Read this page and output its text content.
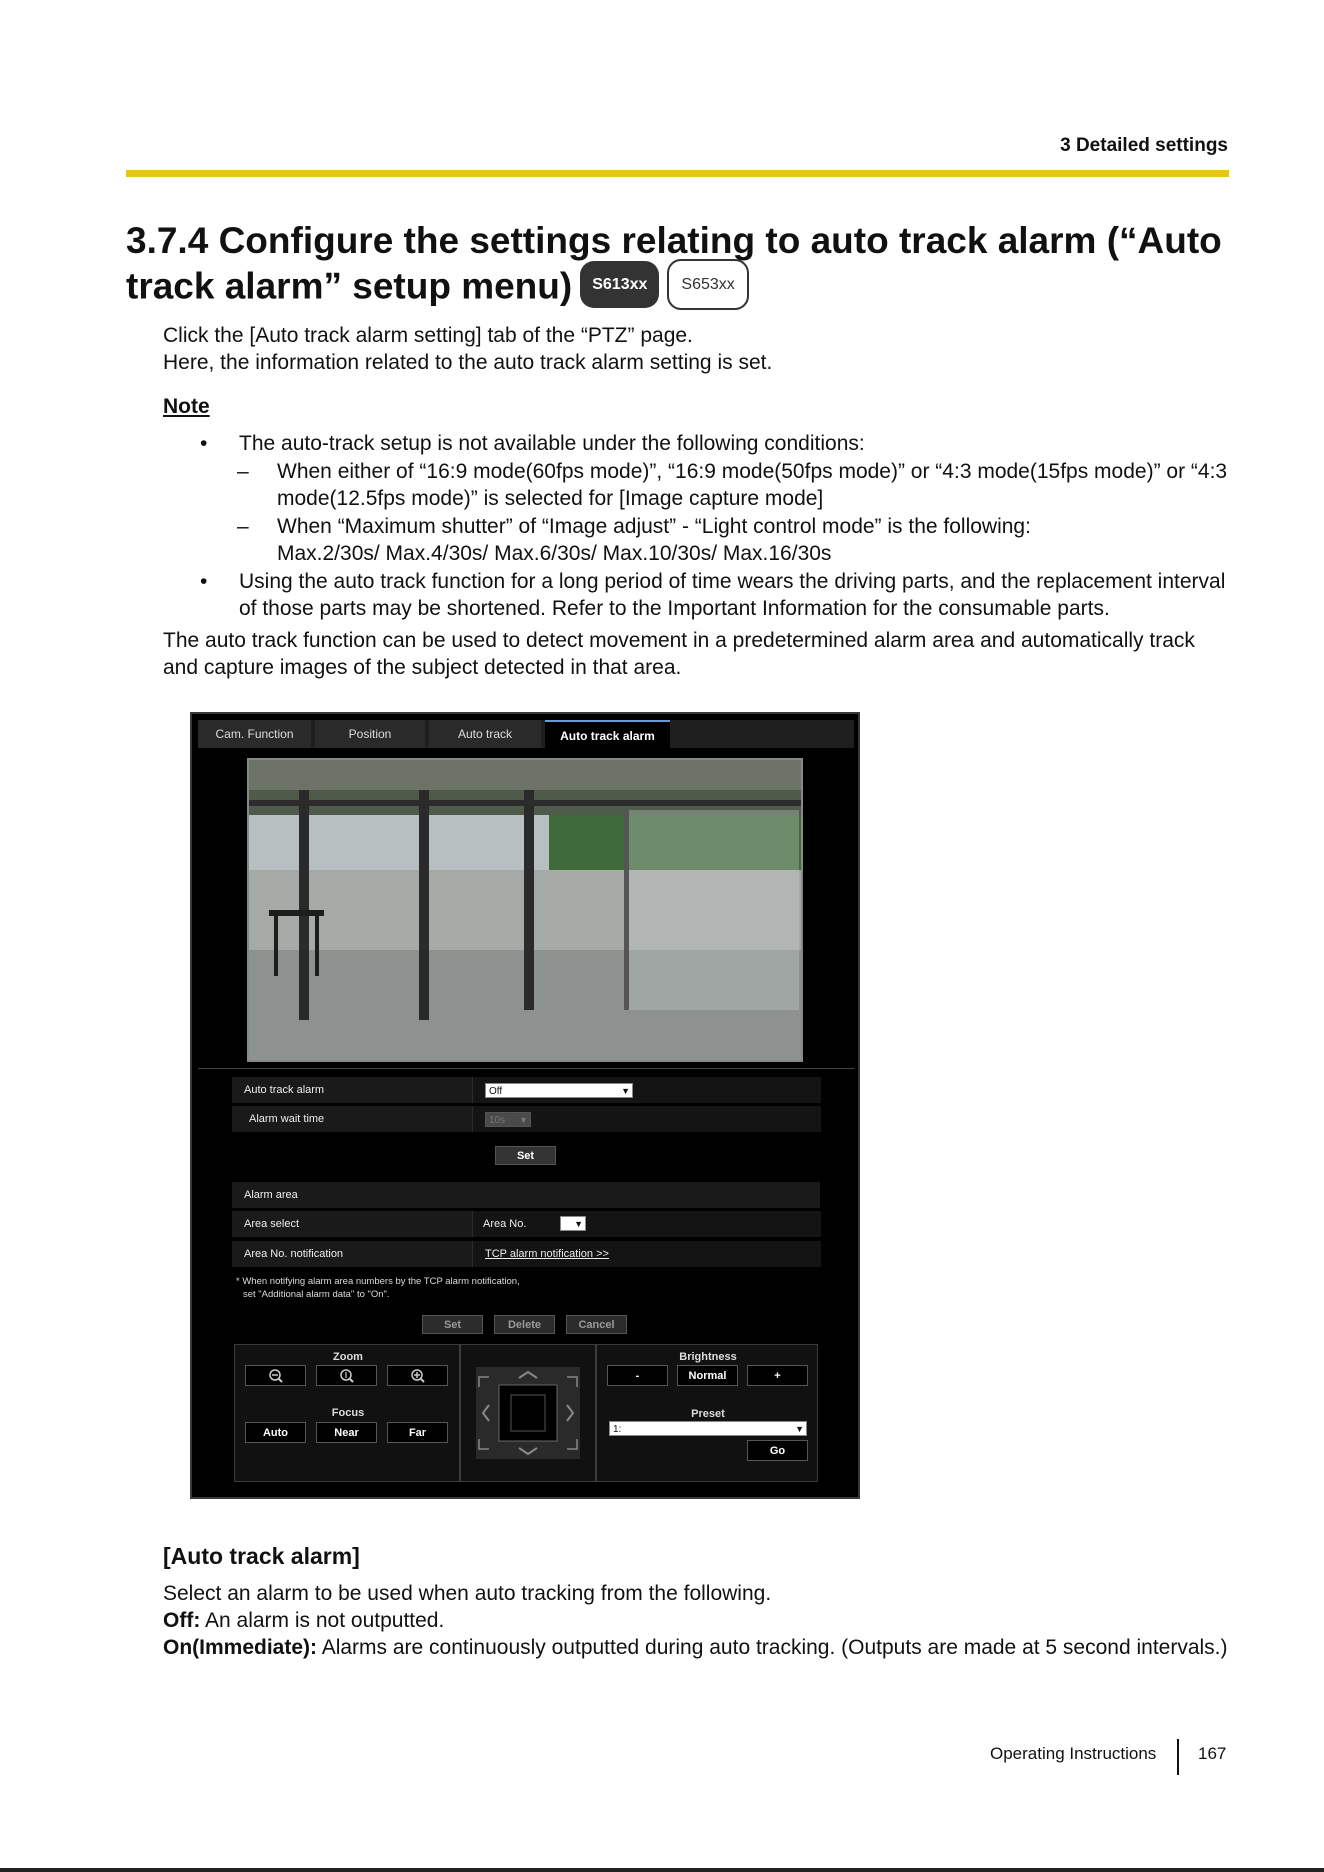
3 Detailed settings
3.7.4 Configure the settings relating to auto track alarm (“Auto track alarm” setup menu) S613xx S653xx
Click the [Auto track alarm setting] tab of the “PTZ” page.
Here, the information related to the auto track alarm setting is set.
Note
• The auto-track setup is not available under the following conditions:
– When either of “16:9 mode(60fps mode)”, “16:9 mode(50fps mode)” or “4:3 mode(15fps mode)” or “4:3 mode(12.5fps mode)” is selected for [Image capture mode]
– When “Maximum shutter” of “Image adjust” - “Light control mode” is the following:
Max.2/30s/ Max.4/30s/ Max.6/30s/ Max.10/30s/ Max.16/30s
• Using the auto track function for a long period of time wears the driving parts, and the replacement interval of those parts may be shortened. Refer to the Important Information for the consumable parts.
The auto track function can be used to detect movement in a predetermined alarm area and automatically track and capture images of the subject detected in that area.
Cam. Function	Position	Auto track	Auto track alarm
Auto track alarm	Off	▼
Alarm wait time	10s ▼
Set
Alarm area
Area select	Area No.	▼
Area No. notification	TCP alarm notification >>
* When notifying alarm area numbers by the TCP alarm notification,
set "Additional alarm data" to "On".
Set	Delete	Cancel
Zoom
Focus
Auto	Near	Far
Brightness
-	Normal	+
Preset
1:	▼
Go
[Auto track alarm]
Select an alarm to be used when auto tracking from the following.
Off: An alarm is not outputted.
On(Immediate): Alarms are continuously outputted during auto tracking. (Outputs are made at 5 second intervals.)
Operating Instructions 167
